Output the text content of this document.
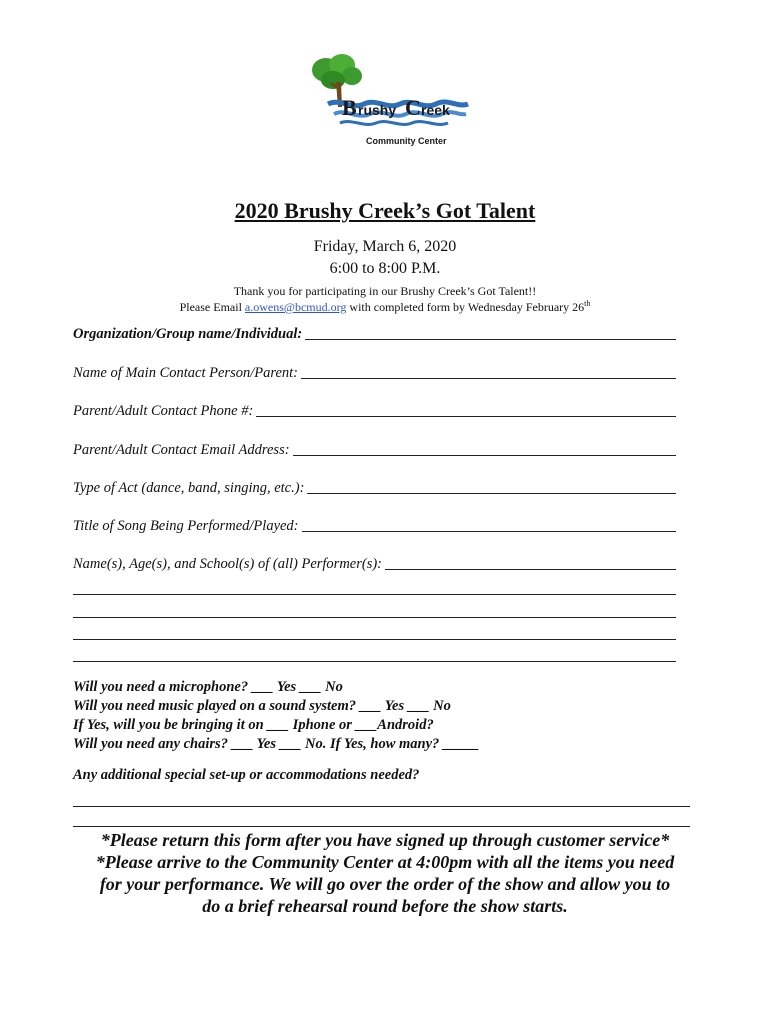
B rushy C reek
Community Center
2020 Brushy Creek’s Got Talent
Friday, March 6, 2020
6:00 to 8:00 P.M.
Thank you for participating in our Brushy Creek’s Got Talent!!
Please Email a.owens@bcmud.org with completed form by Wednesday February 26th
Organization/Group name/Individual:
Name of Main Contact Person/Parent:
Parent/Adult Contact Phone #:
Parent/Adult Contact Email Address:
Type of Act (dance, band, singing, etc.):
Title of Song Being Performed/Played:
Name(s), Age(s), and School(s) of (all) Performer(s):
Will you need a microphone? ___ Yes ___ No
Will you need music played on a sound system? ___ Yes ___ No
If Yes, will you be bringing it on ___ Iphone or ___Android?
Will you need any chairs? ___ Yes ___ No. If Yes, how many? _____
Any additional special set-up or accommodations needed?
*Please return this form after you have signed up through customer service*
*Please arrive to the Community Center at 4:00pm with all the items you need
for your performance. We will go over the order of the show and allow you to
do a brief rehearsal round before the show starts.
